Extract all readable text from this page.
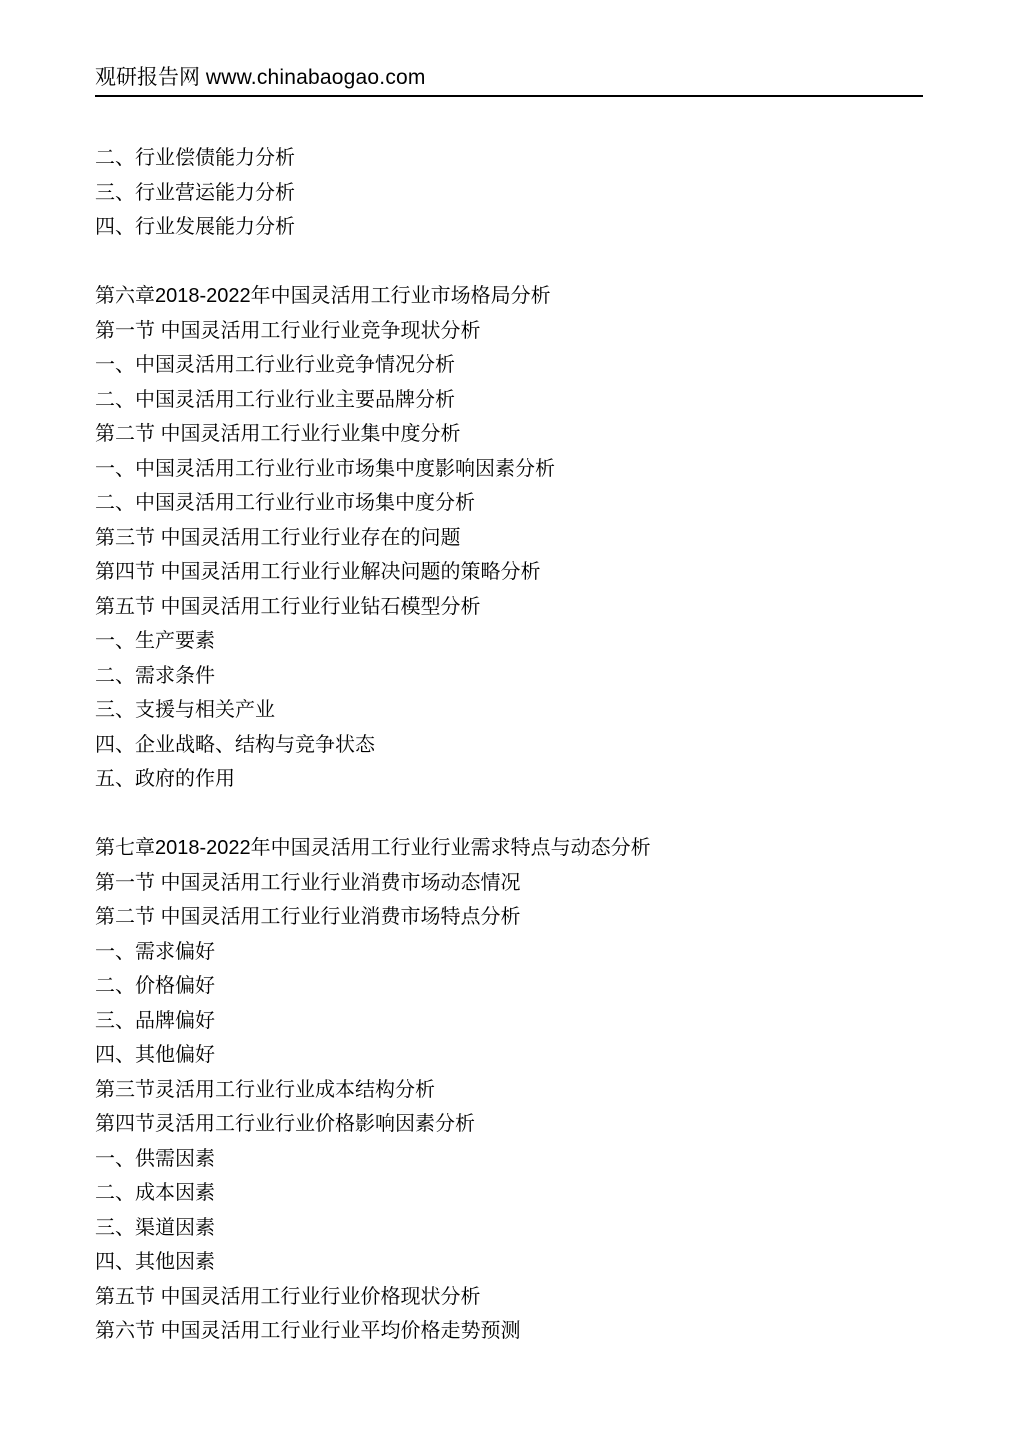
观研报告网 www.chinabaogao.com
二、行业偿债能力分析
三、行业营运能力分析
四、行业发展能力分析
第六章2018-2022年中国灵活用工行业市场格局分析
第一节 中国灵活用工行业行业竞争现状分析
一、中国灵活用工行业行业竞争情况分析
二、中国灵活用工行业行业主要品牌分析
第二节 中国灵活用工行业行业集中度分析
一、中国灵活用工行业行业市场集中度影响因素分析
二、中国灵活用工行业行业市场集中度分析
第三节 中国灵活用工行业行业存在的问题
第四节 中国灵活用工行业行业解决问题的策略分析
第五节 中国灵活用工行业行业钻石模型分析
一、生产要素
二、需求条件
三、支援与相关产业
四、企业战略、结构与竞争状态
五、政府的作用
第七章2018-2022年中国灵活用工行业行业需求特点与动态分析
第一节 中国灵活用工行业行业消费市场动态情况
第二节 中国灵活用工行业行业消费市场特点分析
一、需求偏好
二、价格偏好
三、品牌偏好
四、其他偏好
第三节灵活用工行业行业成本结构分析
第四节灵活用工行业行业价格影响因素分析
一、供需因素
二、成本因素
三、渠道因素
四、其他因素
第五节 中国灵活用工行业行业价格现状分析
第六节 中国灵活用工行业行业平均价格走势预测
